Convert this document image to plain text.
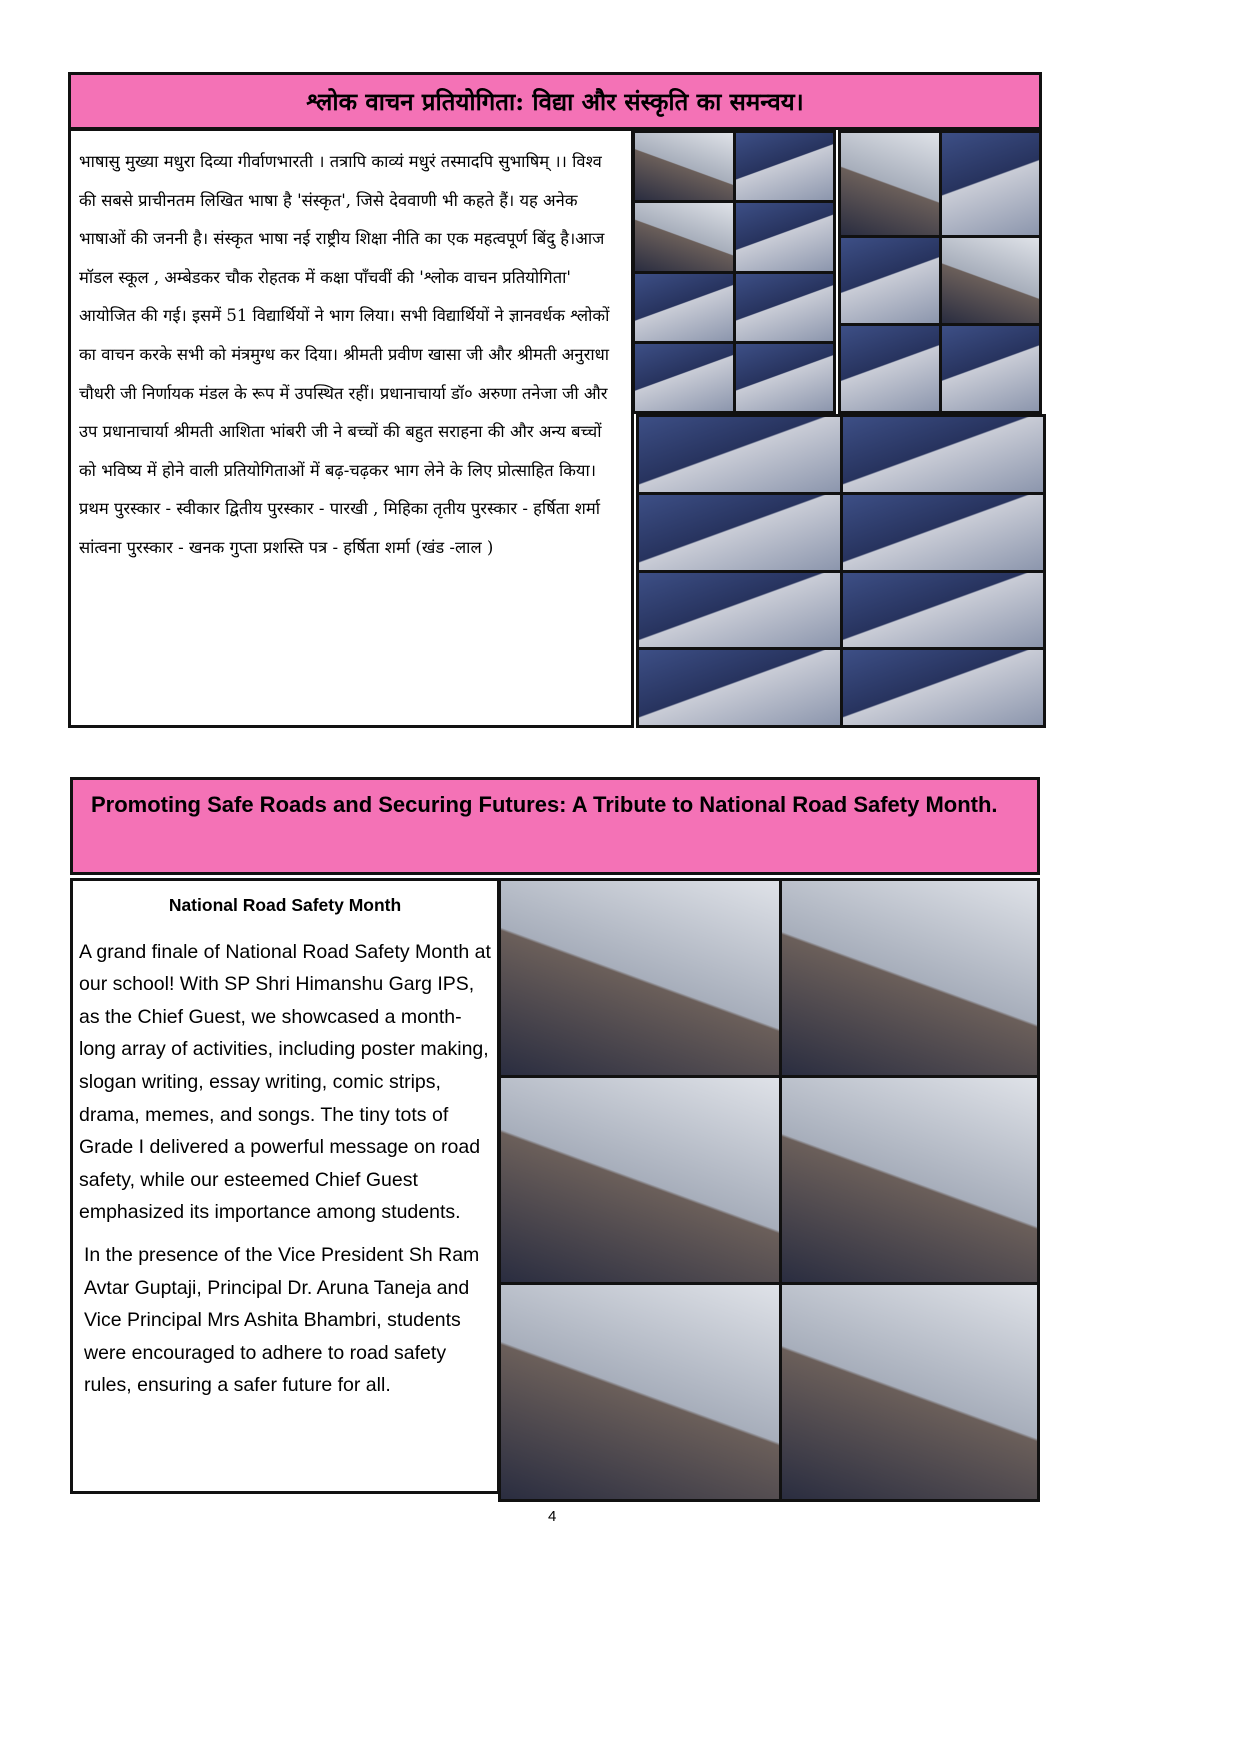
श्लोक वाचन प्रतियोगिता: विद्या और संस्कृति का समन्वय।
भाषासु मुख्या मधुरा दिव्या गीर्वाणभारती । तत्रापि काव्यं मधुरं तस्मादपि सुभाषिम् ।। विश्व की सबसे प्राचीनतम लिखित भाषा है 'संस्कृत', जिसे देववाणी भी कहते हैं। यह अनेक भाषाओं की जननी है। संस्कृत भाषा नई राष्ट्रीय शिक्षा नीति का एक महत्वपूर्ण बिंदु है।आज मॉडल स्कूल , अम्बेडकर चौक रोहतक में कक्षा पाँचवीं की 'श्लोक वाचन प्रतियोगिता' आयोजित की गई। इसमें 51 विद्यार्थियों ने भाग लिया। सभी विद्यार्थियों ने ज्ञानवर्धक श्लोकों का वाचन करके सभी को मंत्रमुग्ध कर दिया। श्रीमती प्रवीण खासा जी और श्रीमती अनुराधा चौधरी जी निर्णायक मंडल के रूप में उपस्थित रहीं। प्रधानाचार्या डॉ० अरुणा तनेजा जी और उप प्रधानाचार्या श्रीमती आशिता भांबरी जी ने बच्चों की बहुत सराहना की और अन्य बच्चों को भविष्य में होने वाली प्रतियोगिताओं में बढ़-चढ़कर भाग लेने के लिए प्रोत्साहित किया। प्रथम पुरस्कार - स्वीकार द्वितीय पुरस्कार - पारखी , मिहिका तृतीय पुरस्कार - हर्षिता शर्मा सांत्वना पुरस्कार - खनक गुप्ता प्रशस्ति पत्र - हर्षिता शर्मा (खंड -लाल )
Promoting Safe Roads and Securing Futures: A Tribute to National Road Safety Month.
National Road Safety Month

A grand finale of National Road Safety Month at our school! With SP Shri Himanshu Garg IPS, as the Chief Guest, we showcased a month-long array of activities, including poster making, slogan writing, essay writing, comic strips, drama, memes, and songs. The tiny tots of Grade I delivered a powerful message on road safety, while our esteemed Chief Guest emphasized its importance among students.

In the presence of the Vice President Sh Ram Avtar Guptaji, Principal Dr. Aruna Taneja and Vice Principal Mrs Ashita Bhambri, students were encouraged to adhere to road safety rules, ensuring a safer future for all.

4
